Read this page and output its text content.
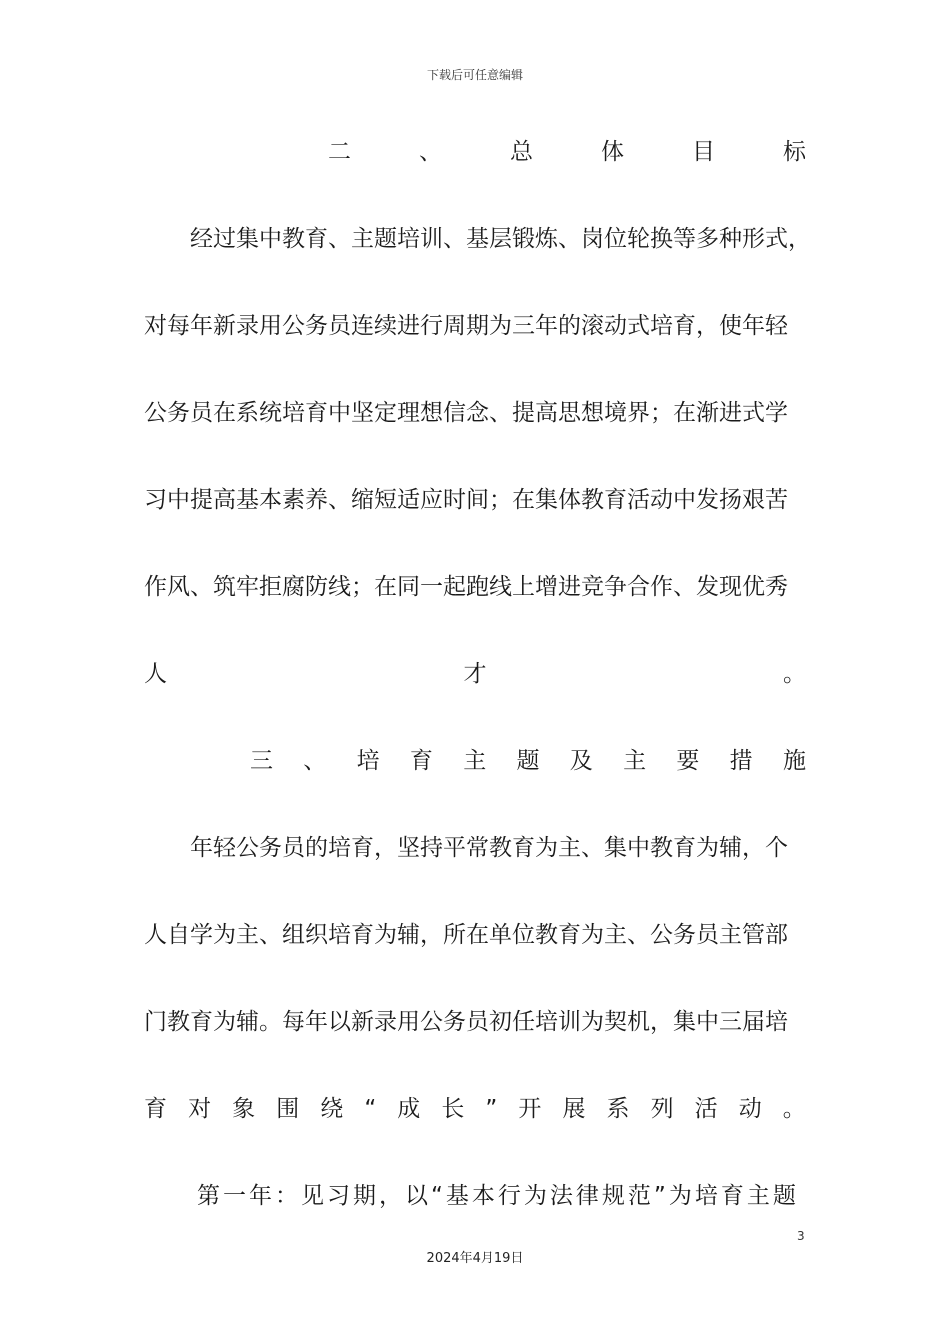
下载后可任意编辑
二	、	总	体	目	标
经过集中教育、主题培训、基层锻炼、岗位轮换等多种形式，
对每年新录用公务员连续进行周期为三年的滚动式培育，使年轻
公务员在系统培育中坚定理想信念、提高思想境界；在渐进式学
习中提高基本素养、缩短适应时间；在集体教育活动中发扬艰苦
作风、筑牢拒腐防线；在同一起跑线上增进竞争合作、发现优秀
人	才	。
三 、 培 育 主 题 及 主 要 措 施
年轻公务员的培育，坚持平常教育为主、集中教育为辅，个
人自学为主、组织培育为辅，所在单位教育为主、公务员主管部
门教育为辅。每年以新录用公务员初任培训为契机，集中三届培
育 对 象 围 绕 “ 成 长 ” 开 展 系 列 活 动 。
第一年：见习期，以“基本行为法律规范”为培育主题
3
2024年4月19日
